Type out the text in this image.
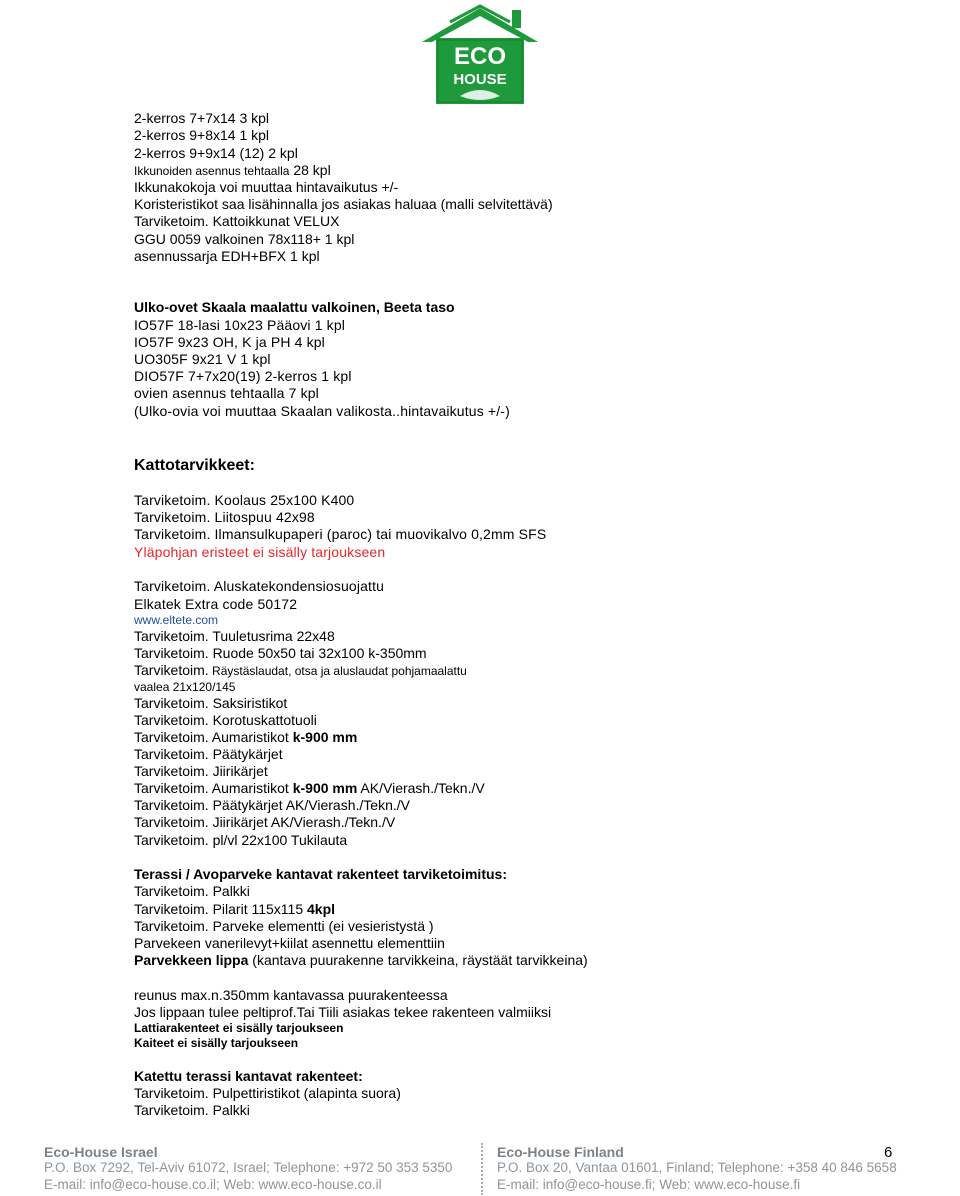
ECO
HOUSE
2-kerros 7+7x14 3 kpl
2-kerros 9+8x14 1 kpl
2-kerros 9+9x14 (12) 2 kpl
Ikkunoiden asennus tehtaalla 28 kpl
Ikkunakokoja voi muuttaa hintavaikutus +/-
Koristeristikot saa lisähinnalla jos asiakas haluaa (malli selvitettävä)
Tarviketoim. Kattoikkunat VELUX
GGU 0059 valkoinen 78x118+ 1 kpl
asennussarja EDH+BFX 1 kpl
Ulko-ovet Skaala maalattu valkoinen, Beeta taso
IO57F 18-lasi 10x23 Pääovi 1 kpl
IO57F 9x23 OH, K ja PH 4 kpl
UO305F 9x21 V 1 kpl
DIO57F 7+7x20(19) 2-kerros 1 kpl
ovien asennus tehtaalla 7 kpl
(Ulko-ovia voi muuttaa Skaalan valikosta..hintavaikutus +/-)
Kattotarvikkeet:
Tarviketoim. Koolaus 25x100 K400
Tarviketoim. Liitospuu 42x98
Tarviketoim. Ilmansulkupaperi (paroc) tai muovikalvo 0,2mm SFS
Yläpohjan eristeet ei sisälly tarjoukseen
Tarviketoim. Aluskatekondensiosuojattu
Elkatek Extra code 50172
www.eltete.com
Tarviketoim. Tuuletusrima 22x48
Tarviketoim. Ruode 50x50 tai 32x100 k-350mm
Tarviketoim. Räystäslaudat, otsa ja aluslaudat pohjamaalattu
vaalea 21x120/145
Tarviketoim. Saksiristikot
Tarviketoim. Korotuskattotuoli
Tarviketoim. Aumaristikot k-900 mm
Tarviketoim. Päätykärjet
Tarviketoim. Jiirikärjet
Tarviketoim. Aumaristikot k-900 mm AK/Vierash./Tekn./V
Tarviketoim. Päätykärjet AK/Vierash./Tekn./V
Tarviketoim. Jiirikärjet AK/Vierash./Tekn./V
Tarviketoim. pl/vl 22x100 Tukilauta
Terassi / Avoparveke kantavat rakenteet tarviketoimitus:
Tarviketoim. Palkki
Tarviketoim. Pilarit 115x115 4kpl
Tarviketoim. Parveke elementti (ei vesieristystä )
Parvekeen vanerilevyt+kiilat asennettu elementtiin
Parvekkeen lippa (kantava puurakenne tarvikkeina, räystäät tarvikkeina)
reunus max.n.350mm kantavassa puurakenteessa
Jos lippaan tulee peltiprof.Tai Tiili asiakas tekee rakenteen valmiiksi
Lattiarakenteet ei sisälly tarjoukseen
Kaiteet ei sisälly tarjoukseen
Katettu terassi kantavat rakenteet:
Tarviketoim. Pulpettiristikot (alapinta suora)
Tarviketoim. Palkki
Eco-House Israel
P.O. Box 7292, Tel-Aviv 61072, Israel; Telephone: +972 50 353 5350
E-mail: info@eco-house.co.il; Web: www.eco-house.co.il
Eco-House Finland
P.O. Box 20, Vantaa 01601, Finland; Telephone: +358 40 846 5658
E-mail: info@eco-house.fi; Web: www.eco-house.fi
6
